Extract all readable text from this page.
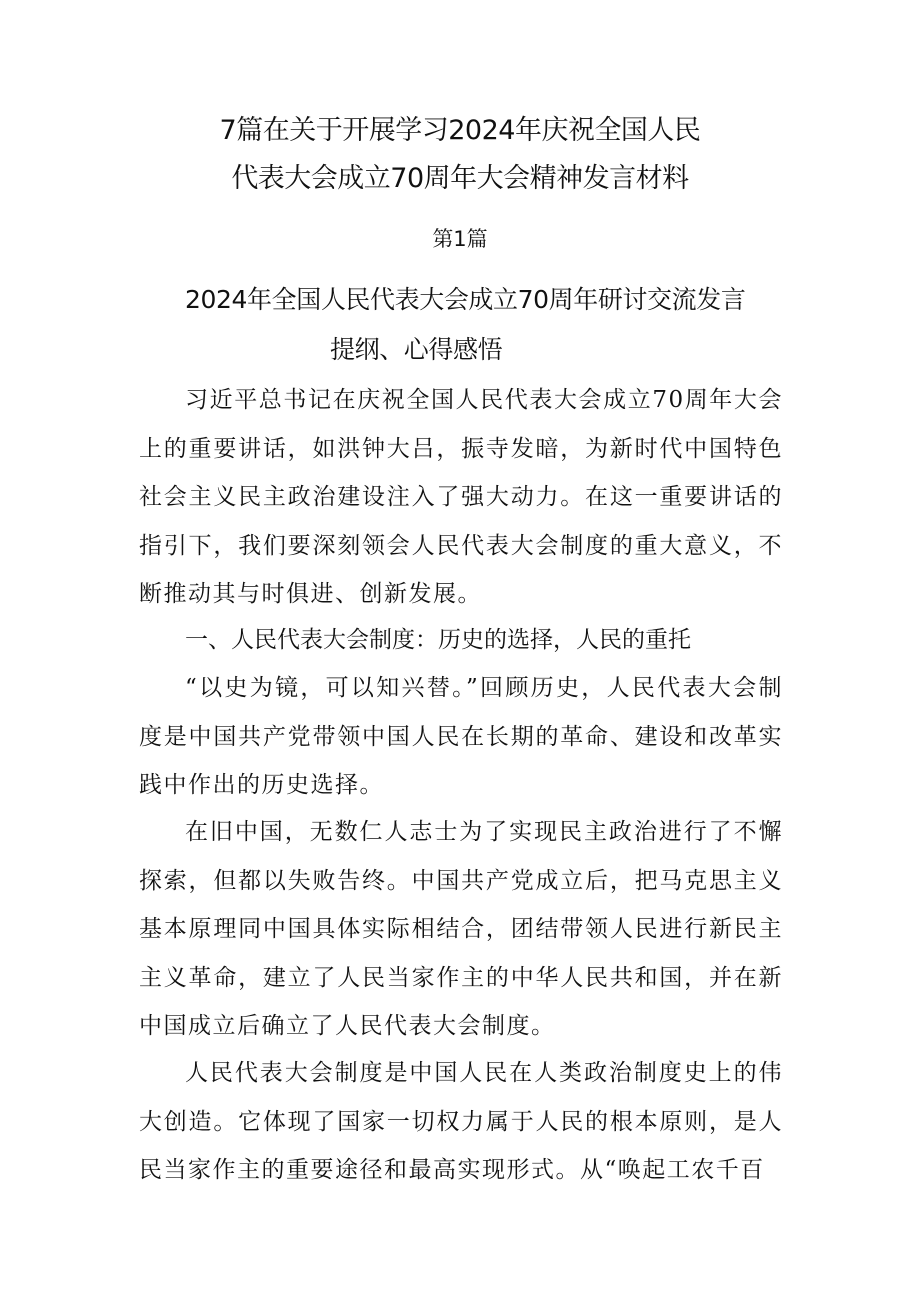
7篇在关于开展学习2024年庆祝全国人民
代表大会成立70周年大会精神发言材料
第1篇
2024年全国人民代表大会成立70周年研讨交流发言
提纲、心得感悟

习近平总书记在庆祝全国人民代表大会成立70周年大会上的重要讲话，如洪钟大吕，振寺发暗，为新时代中国特色社会主义民主政治建设注入了强大动力。在这一重要讲话的指引下，我们要深刻领会人民代表大会制度的重大意义，不断推动其与时俱进、创新发展。

一、人民代表大会制度：历史的选择，人民的重托

“以史为镜，可以知兴替。”回顾历史，人民代表大会制度是中国共产党带领中国人民在长期的革命、建设和改革实践中作出的历史选择。

在旧中国，无数仁人志士为了实现民主政治进行了不懈探索，但都以失败告终。中国共产党成立后，把马克思主义基本原理同中国具体实际相结合，团结带领人民进行新民主主义革命，建立了人民当家作主的中华人民共和国，并在新中国成立后确立了人民代表大会制度。

人民代表大会制度是中国人民在人类政治制度史上的伟大创造。它体现了国家一切权力属于人民的根本原则，是人民当家作主的重要途径和最高实现形式。从“唤起工农千百
